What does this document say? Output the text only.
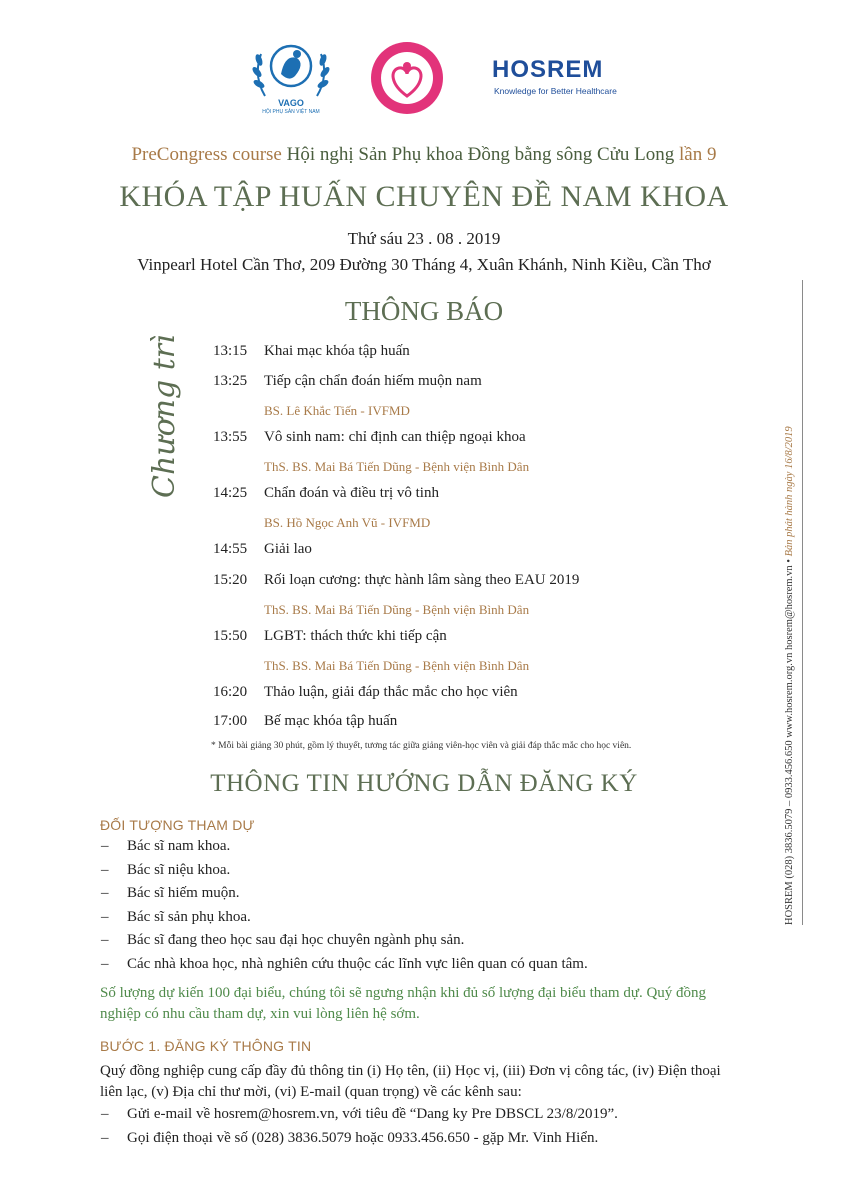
VAGO
HỘI PHỤ SẢN VIỆT NAM
HOSREM
Knowledge for Better Healthcare
PreCongress course Hội nghị Sản Phụ khoa Đồng bằng sông Cửu Long lần 9
KHÓA TẬP HUẤN CHUYÊN ĐỀ NAM KHOA
Thứ sáu 23 . 08 . 2019
Vinpearl Hotel Cần Thơ, 209 Đường 30 Tháng 4, Xuân Khánh, Ninh Kiều, Cần Thơ
THÔNG BÁO
Chương trình 13:15 Khai mạc khóa tập huấn
13:25 Tiếp cận chẩn đoán hiếm muộn nam
BS. Lê Khắc Tiến - IVFMD
13:55 Vô sinh nam: chỉ định can thiệp ngoại khoa
ThS. BS. Mai Bá Tiến Dũng - Bệnh viện Bình Dân
14:25 Chẩn đoán và điều trị vô tinh
BS. Hồ Ngọc Anh Vũ - IVFMD
14:55 Giải lao
15:20 Rối loạn cương: thực hành lâm sàng theo EAU 2019
ThS. BS. Mai Bá Tiến Dũng - Bệnh viện Bình Dân
15:50 LGBT: thách thức khi tiếp cận
ThS. BS. Mai Bá Tiến Dũng - Bệnh viện Bình Dân
16:20 Thảo luận, giải đáp thắc mắc cho học viên
17:00 Bế mạc khóa tập huấn
* Mỗi bài giảng 30 phút, gồm lý thuyết, tương tác giữa giảng viên-học viên và giải đáp thắc mắc cho học viên.
THÔNG TIN HƯỚNG DẪN ĐĂNG KÝ
ĐỐI TƯỢNG THAM DỰ
– Bác sĩ nam khoa.
– Bác sĩ niệu khoa.
– Bác sĩ hiếm muộn.
– Bác sĩ sản phụ khoa.
– Bác sĩ đang theo học sau đại học chuyên ngành phụ sản.
– Các nhà khoa học, nhà nghiên cứu thuộc các lĩnh vực liên quan có quan tâm.
Số lượng dự kiến 100 đại biểu, chúng tôi sẽ ngưng nhận khi đủ số lượng đại biểu tham dự. Quý đồng
nghiệp có nhu cầu tham dự, xin vui lòng liên hệ sớm.
BƯỚC 1. ĐĂNG KÝ THÔNG TIN
Quý đồng nghiệp cung cấp đầy đủ thông tin (i) Họ tên, (ii) Học vị, (iii) Đơn vị công tác, (iv) Điện thoại
liên lạc, (v) Địa chỉ thư mời, (vi) E-mail (quan trọng) về các kênh sau:
– Gửi e-mail về hosrem@hosrem.vn, với tiêu đề “Dang ky Pre DBSCL 23/8/2019”.
– Gọi điện thoại về số (028) 3836.5079 hoặc 0933.456.650 - gặp Mr. Vinh Hiển.
HOSREM (028) 3836.5079 – 0933.456.650 www.hosrem.org.vn hosrem@hosrem.vn • Bản phát hành ngày 16/8/2019
